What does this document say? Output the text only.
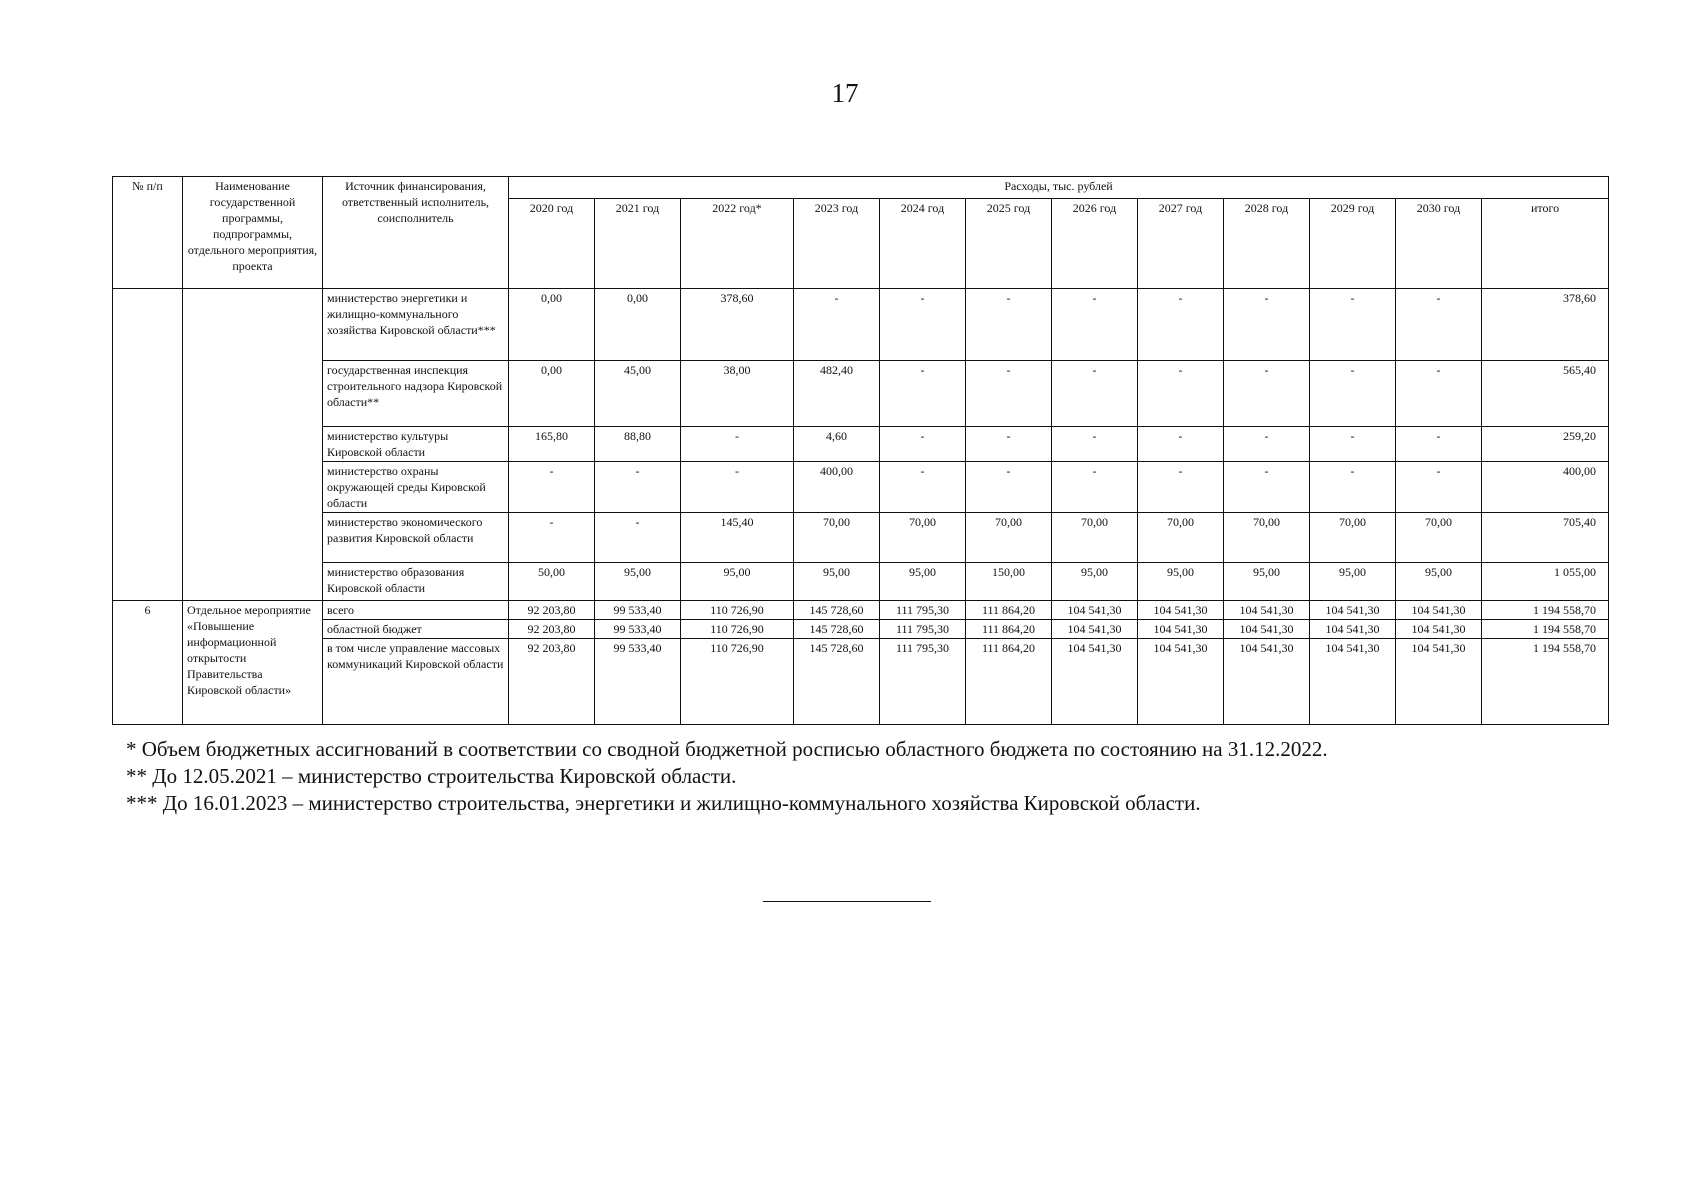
17
№ п/п	Наименование государственной программы, подпрограммы, отдельного мероприятия, проекта	Источник финансирования, ответственный исполнитель, соисполнитель	Расходы, тыс. рублей											
			2020 год	2021 год	2022 год*	2023 год	2024 год	2025 год	2026 год	2027 год	2028 год	2029 год	2030 год	итого
		министерство энергетики и жилищно-коммунального хозяйства Кировской области***	0,00	0,00	378,60	-	-	-	-	-	-	-	-	378,60
		государственная инспекция строительного надзора Кировской области**	0,00	45,00	38,00	482,40	-	-	-	-	-	-	-	565,40
		министерство культуры Кировской области	165,80	88,80	-	4,60	-	-	-	-	-	-	-	259,20
		министерство охраны окружающей среды Кировской области	-	-	-	400,00	-	-	-	-	-	-	-	400,00
		министерство экономического развития Кировской области	-	-	145,40	70,00	70,00	70,00	70,00	70,00	70,00	70,00	70,00	705,40
		министерство образования Кировской области	50,00	95,00	95,00	95,00	95,00	150,00	95,00	95,00	95,00	95,00	95,00	1 055,00
6	Отдельное мероприятие «Повышение информационной открытости Правительства Кировской области»	всего	92 203,80	99 533,40	110 726,90	145 728,60	111 795,30	111 864,20	104 541,30	104 541,30	104 541,30	104 541,30	104 541,30	1 194 558,70
		областной бюджет	92 203,80	99 533,40	110 726,90	145 728,60	111 795,30	111 864,20	104 541,30	104 541,30	104 541,30	104 541,30	104 541,30	1 194 558,70
		в том числе управление массовых коммуникаций Кировской области	92 203,80	99 533,40	110 726,90	145 728,60	111 795,30	111 864,20	104 541,30	104 541,30	104 541,30	104 541,30	104 541,30	1 194 558,70

* Объем бюджетных ассигнований в соответствии со сводной бюджетной росписью областного бюджета по состоянию на 31.12.2022.

** До 12.05.2021 – министерство строительства Кировской области.

*** До 16.01.2023 – министерство строительства, энергетики и жилищно-коммунального хозяйства Кировской области.
